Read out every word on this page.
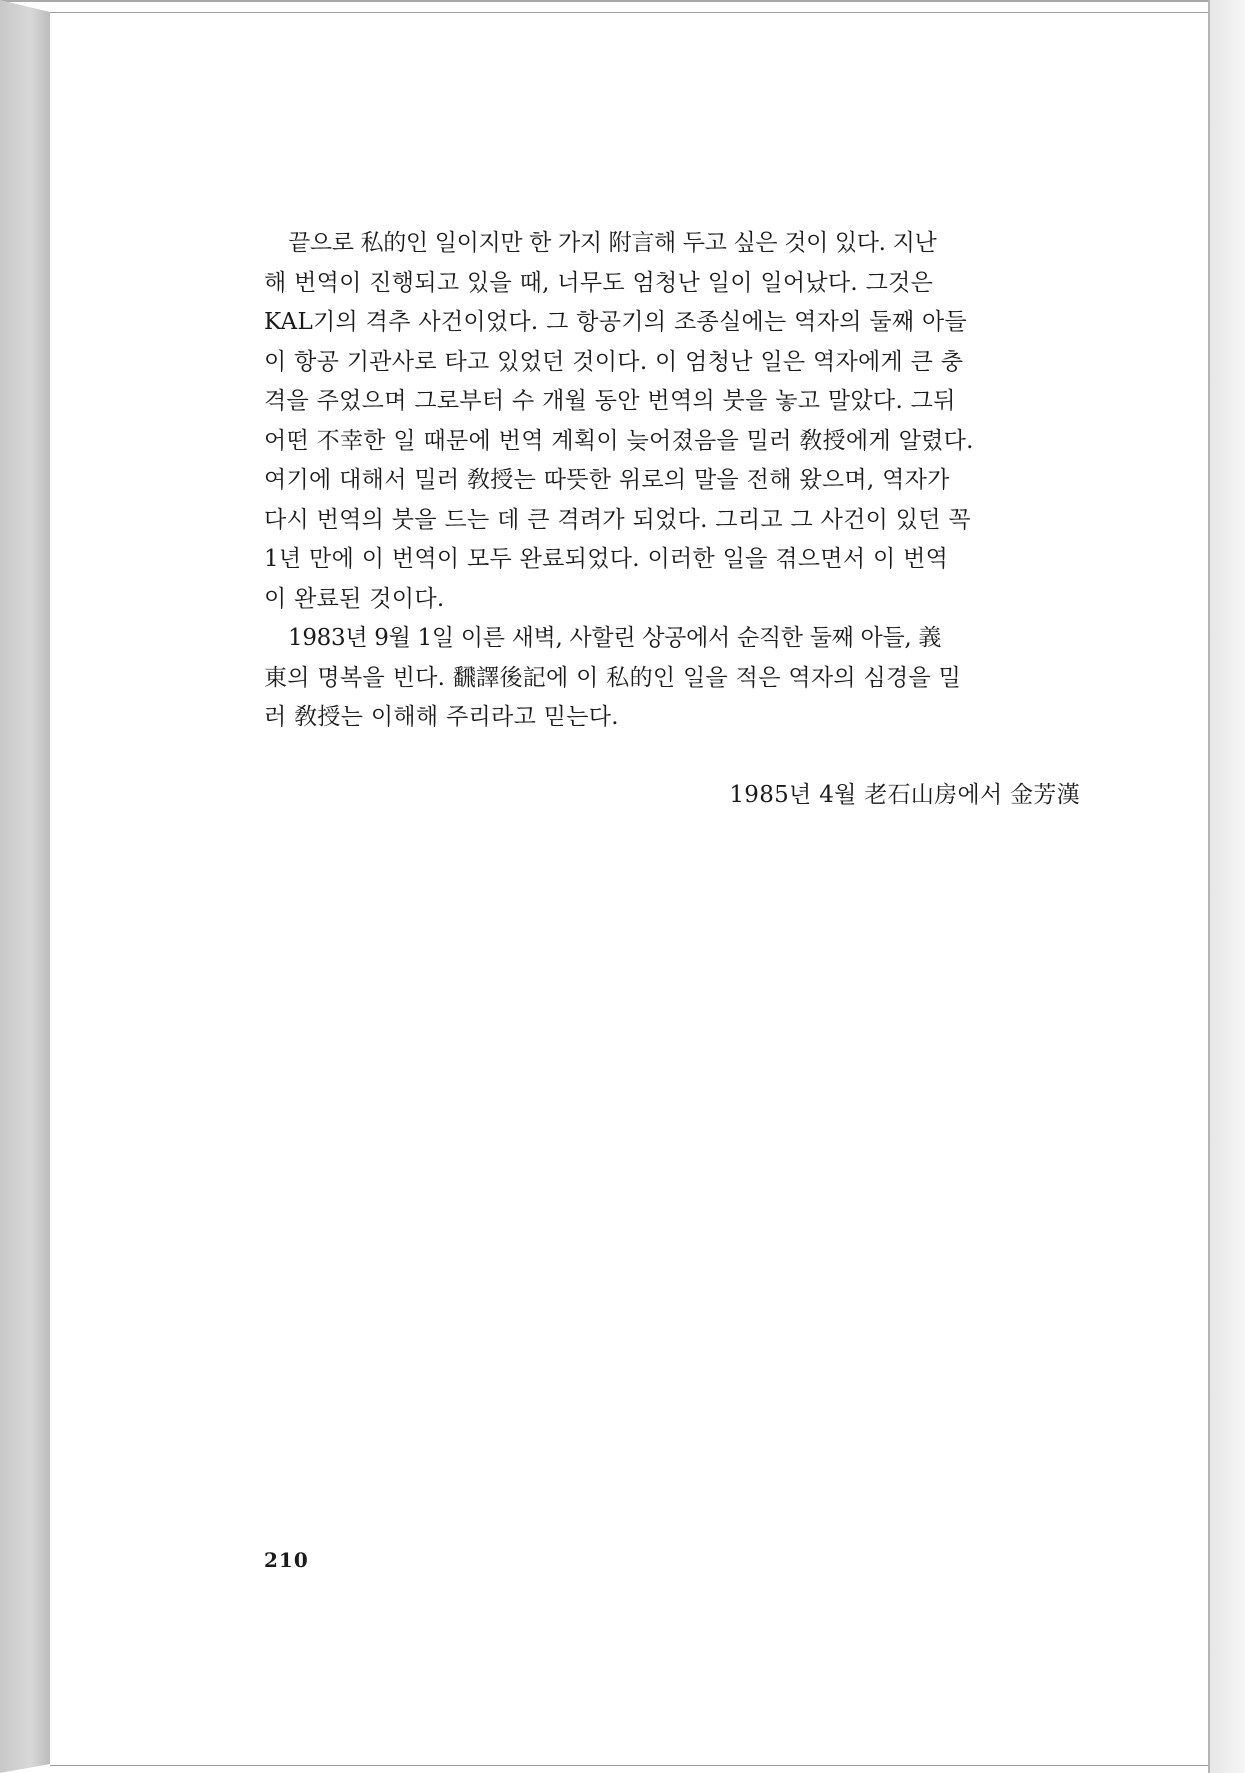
끝으로 私的인 일이지만 한 가지 附言해 두고 싶은 것이 있다. 지난
해 번역이 진행되고 있을 때, 너무도 엄청난 일이 일어났다. 그것은
KAL기의 격추 사건이었다. 그 항공기의 조종실에는 역자의 둘째 아들
이 항공 기관사로 타고 있었던 것이다. 이 엄청난 일은 역자에게 큰 충
격을 주었으며 그로부터 수 개월 동안 번역의 붓을 놓고 말았다. 그뒤
어떤 不幸한 일 때문에 번역 계획이 늦어졌음을 밀러 敎授에게 알렸다.
여기에 대해서 밀러 敎授는 따뜻한 위로의 말을 전해 왔으며, 역자가
다시 번역의 붓을 드는 데 큰 격려가 되었다. 그리고 그 사건이 있던 꼭
1년 만에 이 번역이 모두 완료되었다. 이러한 일을 겪으면서 이 번역
이 완료된 것이다.

1983년 9월 1일 이른 새벽, 사할린 상공에서 순직한 둘째 아들, 義
東의 명복을 빈다. 飜譯後記에 이 私的인 일을 적은 역자의 심경을 밀
러 敎授는 이해해 주리라고 믿는다.

1985년 4월 老石山房에서 金芳漢
210
